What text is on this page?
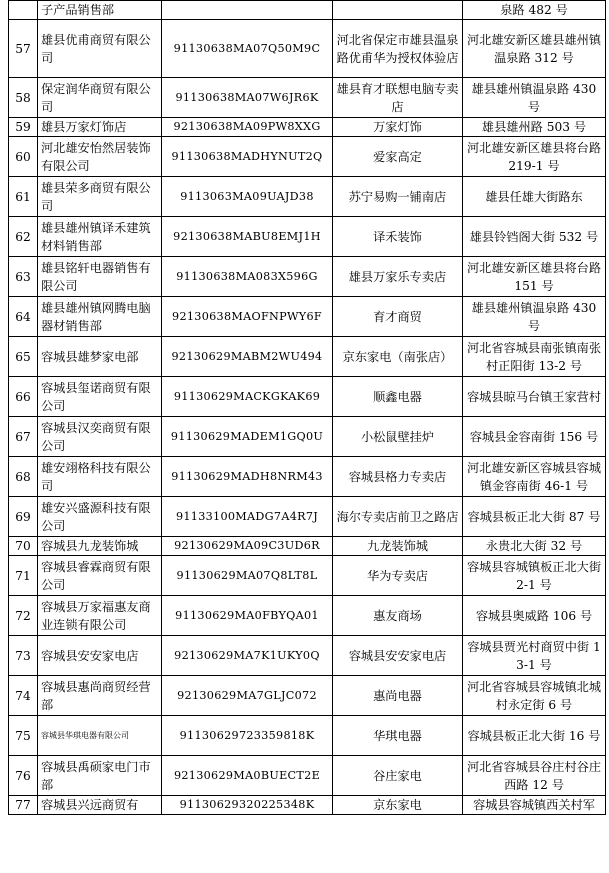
	子产品销售部			泉路 482 号
57	雄县优甫商贸有限公司	91130638MA07Q50M9C	河北省保定市雄县温泉路优甫华为授权体验店	河北雄安新区雄县雄州镇温泉路 312 号
58	保定润华商贸有限公司	91130638MA07W6JR6K	雄县育才联想电脑专卖店	雄县雄州镇温泉路 430 号
59	雄县万家灯饰店	92130638MA09PW8XXG	万家灯饰	雄县雄州路 503 号
60	河北雄安怡然居装饰有限公司	91130638MADHYNUT2Q	爱家高定	河北雄安新区雄县将台路 219-1 号
61	雄县荣多商贸有限公司	9113063MA09UAJD38	苏宁易购一铺南店	雄县任雄大街路东
62	雄县雄州镇译禾建筑材料销售部	92130638MABU8EMJ1H	译禾装饰	雄县铃铛阁大街 532 号
63	雄县铭轩电器销售有限公司	91130638MA083X596G	雄县万家乐专卖店	河北雄安新区雄县将台路 151 号
64	雄县雄州镇网腾电脑器材销售部	92130638MAOFNPWY6F	育才商贸	雄县雄州镇温泉路 430 号
65	容城县雄梦家电部	92130629MABM2WU494	京东家电（南张店）	河北省容城县南张镇南张村正阳街 13-2 号
66	容城县玺诺商贸有限公司	91130629MACKGKAK69	顺鑫电器	容城县晾马台镇王家营村
67	容城县汉奕商贸有限公司	91130629MADEM1GQ0U	小松鼠壁挂炉	容城县金容南街 156 号
68	雄安翊格科技有限公司	91130629MADH8NRM43	容城县格力专卖店	河北雄安新区容城县容城镇金容南街 46-1 号
69	雄安兴盛源科技有限公司	91133100MADG7A4R7J	海尔专卖店前卫之路店	容城县板正北大街 87 号
70	容城县九龙装饰城	92130629MA09C3UD6R	九龙装饰城	永贵北大街 32 号
71	容城县睿霖商贸有限公司	91130629MA07Q8LT8L	华为专卖店	容城县容城镇板正北大街 2-1 号
72	容城县万家福惠友商业连锁有限公司	91130629MA0FBYQA01	惠友商场	容城县奥威路 106 号
73	容城县安安家电店	92130629MA7K1UKY0Q	容城县安安家电店	容城县贾光村商贸中街 13-1 号
74	容城县惠尚商贸经营部	92130629MA7GLJC072	惠尚电器	河北省容城县容城镇北城村永定街 6 号
75	容城县华琪电器有限公司	91130629723359818K	华琪电器	容城县板正北大街 16 号
76	容城县禹硕家电门市部	92130629MA0BUECT2E	谷庄家电	河北省容城县谷庄村谷庄西路 12 号
77	容城县兴远商贸有	91130629320225348K	京东家电	容城县容城镇西关村军
